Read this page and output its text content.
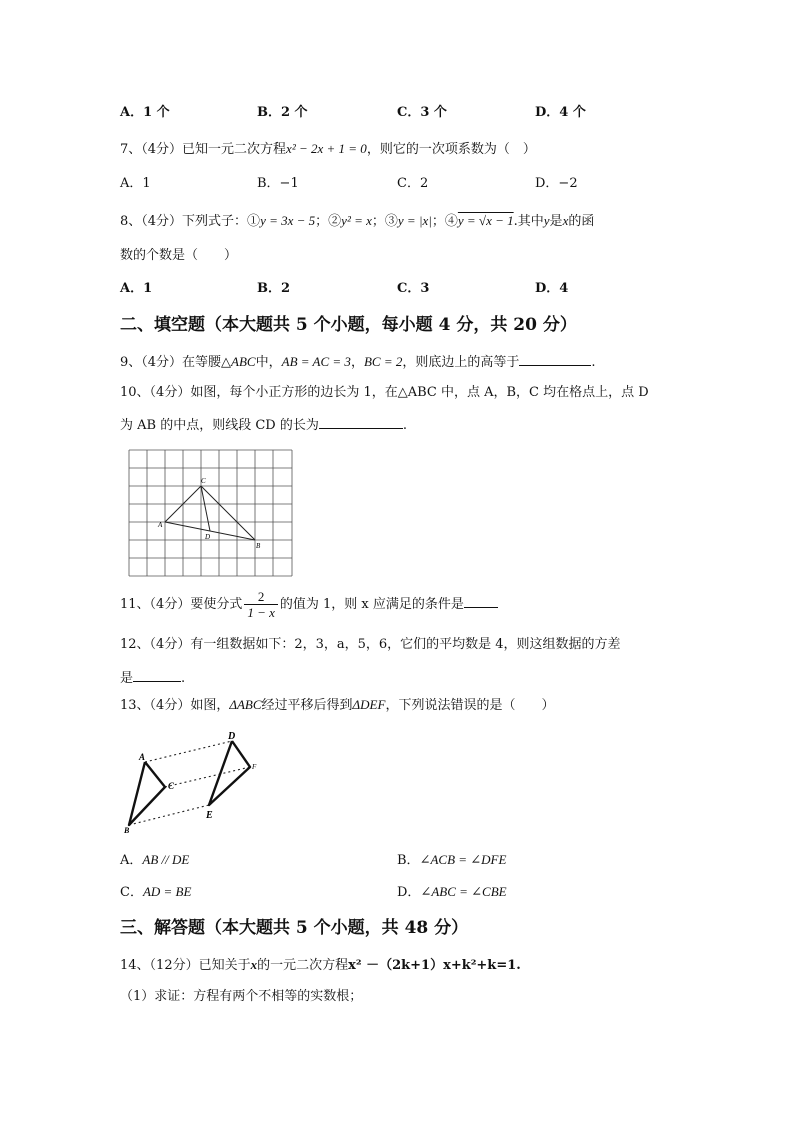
A．1 个	B．2 个	C．3 个	D．4 个
7、（4分）已知一元二次方程x² − 2x + 1 = 0，则它的一次项系数为（　）
A．1	B．−1	C．2	D．−2
8、（4分）下列式子：①y = 3x − 5；②y² = x；③y = |x|；④y = √x − 1.其中y是x的函
数的个数是（　　）
A．1	B．2	C．3	D．4
二、填空题（本大题共 5 个小题，每小题 4 分，共 20 分）
9、（4分）在等腰△ABC中，AB = AC = 3，BC = 2，则底边上的高等于	.
10、（4分）如图，每个小正方形的边长为 1，在△ABC 中，点 A，B，C 均在格点上，点 D
为 AB 的中点，则线段 CD 的长为	.
A
B
C
D
11、（4分）要使分式 $\frac{2}{1 - x}$ 的值为 1，则 x 应满足的条件是
12、（4分）有一组数据如下：2，3，a，5，6，它们的平均数是 4，则这组数据的方差
是	.
13、（4分）如图，ΔABC经过平移后得到ΔDEF，下列说法错误的是（　　）
A
B
C
D
E
F
A．AB // DE	B．∠ACB = ∠DFE
C．AD = BE	D．∠ABC = ∠CBE
三、解答题（本大题共 5 个小题，共 48 分）
14、（12分）已知关于x的一元二次方程x² －（2k+1）x+k²+k=1.
（1）求证：方程有两个不相等的实数根；
